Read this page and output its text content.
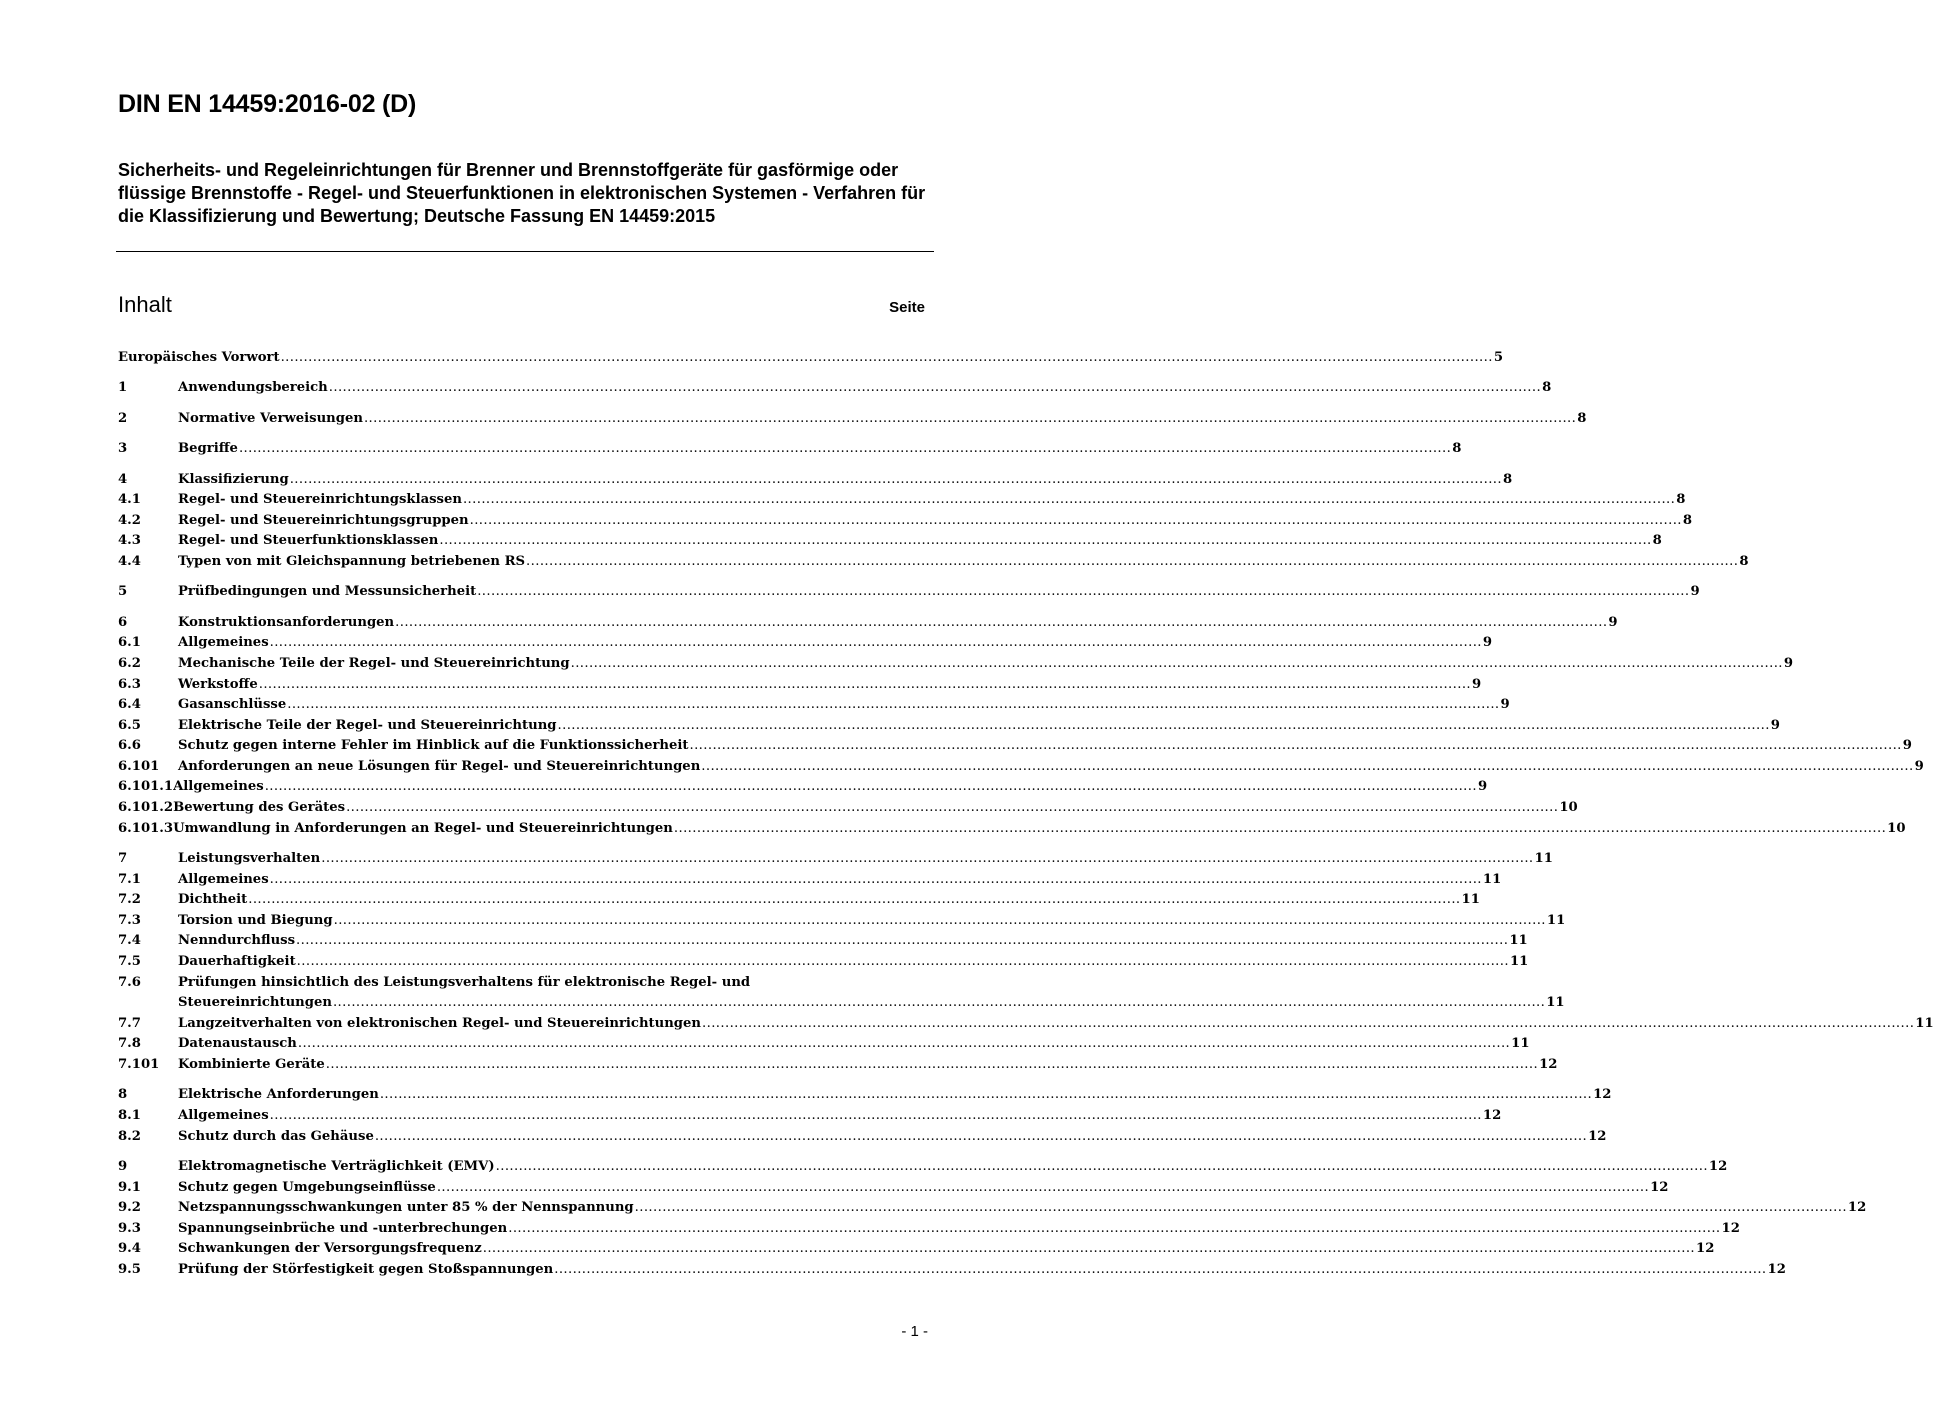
DIN EN 14459:2016-02 (D)
Sicherheits- und Regeleinrichtungen für Brenner und Brennstoffgeräte für gasförmige oder flüssige Brennstoffe - Regel- und Steuerfunktionen in elektronischen Systemen - Verfahren für die Klassifizierung und Bewertung; Deutsche Fassung EN 14459:2015
Inhalt	Seite
Europäisches Vorwort .....	5
1	Anwendungsbereich .....	8
2	Normative Verweisungen .....	8
3	Begriffe .....	8
4	Klassifizierung .....	8
4.1	Regel- und Steuereinrichtungsklassen .....	8
4.2	Regel- und Steuereinrichtungsgruppen .....	8
4.3	Regel- und Steuerfunktionsklassen .....	8
4.4	Typen von mit Gleichspannung betriebenen RS .....	8
5	Prüfbedingungen und Messunsicherheit .....	9
6	Konstruktionsanforderungen .....	9
6.1	Allgemeines .....	9
6.2	Mechanische Teile der Regel- und Steuereinrichtung .....	9
6.3	Werkstoffe .....	9
6.4	Gasanschlüsse .....	9
6.5	Elektrische Teile der Regel- und Steuereinrichtung .....	9
6.6	Schutz gegen interne Fehler im Hinblick auf die Funktionssicherheit .....	9
6.101	Anforderungen an neue Lösungen für Regel- und Steuereinrichtungen .....	9
6.101.1 Allgemeines .....	9
6.101.2 Bewertung des Gerätes .....	10
6.101.3 Umwandlung in Anforderungen an Regel- und Steuereinrichtungen .....	10
7	Leistungsverhalten .....	11
7.1	Allgemeines .....	11
7.2	Dichtheit .....	11
7.3	Torsion und Biegung .....	11
7.4	Nenndurchfluss .....	11
7.5	Dauerhaftigkeit .....	11
7.6	Prüfungen hinsichtlich des Leistungsverhaltens für elektronische Regel- und
Steuereinrichtungen .....	11
7.7	Langzeitverhalten von elektronischen Regel- und Steuereinrichtungen .....	11
7.8	Datenaustausch .....	11
7.101	Kombinierte Geräte .....	12
8	Elektrische Anforderungen .....	12
8.1	Allgemeines .....	12
8.2	Schutz durch das Gehäuse .....	12
9	Elektromagnetische Verträglichkeit (EMV) .....	12
9.1	Schutz gegen Umgebungseinflüsse .....	12
9.2	Netzspannungsschwankungen unter 85 % der Nennspannung .....	12
9.3	Spannungseinbrüche und -unterbrechungen .....	12
9.4	Schwankungen der Versorgungsfrequenz .....	12
9.5	Prüfung der Störfestigkeit gegen Stoßspannungen .....	12
- 1 -
